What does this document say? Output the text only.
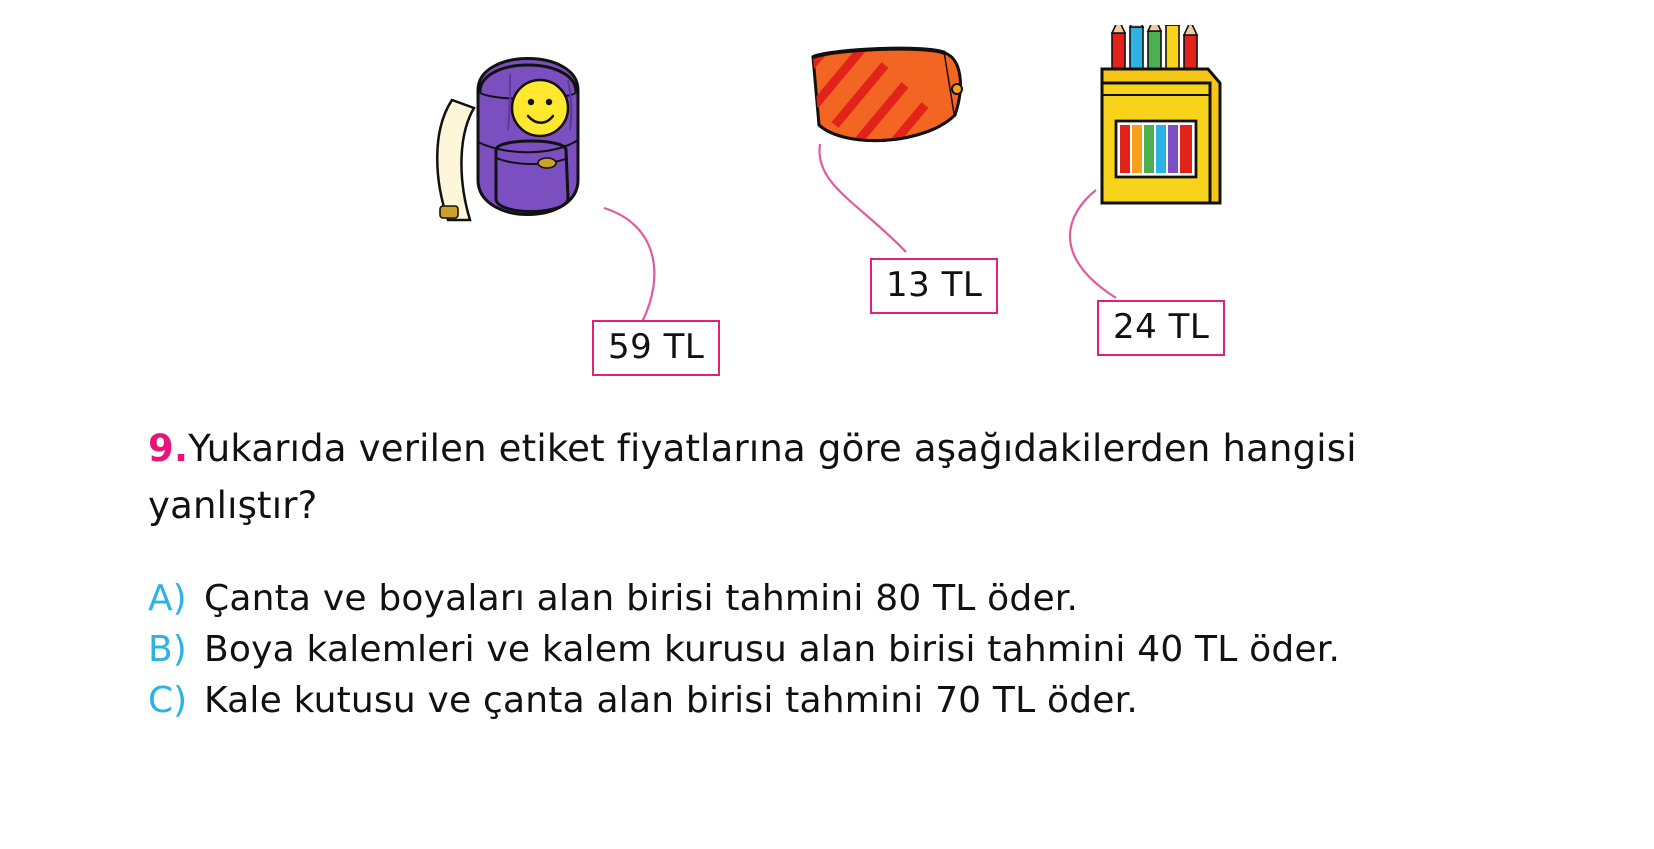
59 TL
13 TL
24 TL
9.Yukarıda verilen etiket fiyatlarına göre aşağıdakilerden hangisi
yanlıştır?
A) Çanta ve boyaları alan birisi tahmini 80 TL öder.
B) Boya kalemleri ve kalem kurusu alan birisi tahmini 40 TL öder.
C) Kale kutusu ve çanta alan birisi tahmini 70 TL öder.
